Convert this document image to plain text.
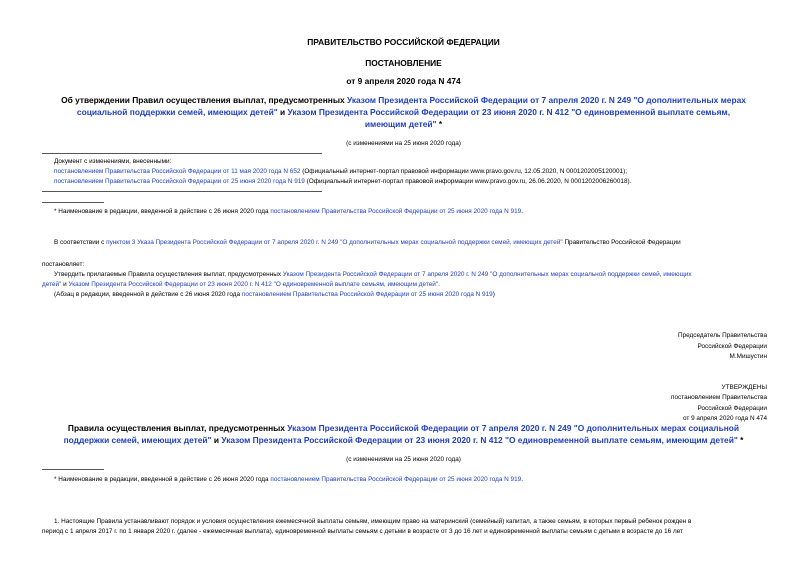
ПРАВИТЕЛЬСТВО РОССИЙСКОЙ ФЕДЕРАЦИИ
ПОСТАНОВЛЕНИЕ
от 9 апреля 2020 года N 474
Об утверждении Правил осуществления выплат, предусмотренных Указом Президента Российской Федерации от 7 апреля 2020 г. N 249 "О дополнительных мерах
социальной поддержки семей, имеющих детей" и Указом Президента Российской Федерации от 23 июня 2020 г. N 412 "О единовременной выплате семьям,
имеющим детей" *
(с изменениями на 25 июня 2020 года)
Документ с изменениями, внесенными:
постановлением Правительства Российской Федерации от 11 мая 2020 года N 652 (Официальный интернет-портал правовой информации www.pravo.gov.ru, 12.05.2020, N 0001202005120001);
постановлением Правительства Российской Федерации от 25 июня 2020 года N 919 (Официальный интернет-портал правовой информации www.pravo.gov.ru, 26.06.2020, N 0001202006260018).
* Наименование в редакции, введенной в действие с 26 июня 2020 года постановлением Правительства Российской Федерации от 25 июня 2020 года N 919.
В соответствии с пунктом 3 Указа Президента Российской Федерации от 7 апреля 2020 г. N 249 "О дополнительных мерах социальной поддержки семей, имеющих детей" Правительство Российской Федерации
постановляет:
Утвердить прилагаемые Правила осуществления выплат, предусмотренных Указом Президента Российской Федерации от 7 апреля 2020 г. N 249 "О дополнительных мерах социальной поддержки семей, имеющих
детей" и Указом Президента Российской Федерации от 23 июня 2020 г. N 412 "О единовременной выплате семьям, имеющим детей".
(Абзац в редакции, введенной в действие с 26 июня 2020 года постановлением Правительства Российской Федерации от 25 июня 2020 года N 919)
Председатель Правительства
Российской Федерации
М.Мишустин
УТВЕРЖДЕНЫ
постановлением Правительства
Российской Федерации
от 9 апреля 2020 года N 474
Правила осуществления выплат, предусмотренных Указом Президента Российской Федерации от 7 апреля 2020 г. N 249 "О дополнительных мерах социальной
поддержки семей, имеющих детей" и Указом Президента Российской Федерации от 23 июня 2020 г. N 412 "О единовременной выплате семьям, имеющим детей" *
(с изменениями на 25 июня 2020 года)
* Наименование в редакции, введенной в действие с 26 июня 2020 года постановлением Правительства Российской Федерации от 25 июня 2020 года N 919.
1. Настоящие Правила устанавливают порядок и условия осуществления ежемесячной выплаты семьям, имеющим право на материнский (семейный) капитал, а также семьям, в которых первый ребенок рожден в
период с 1 апреля 2017 г. по 1 января 2020 г. (далее - ежемесячная выплата), единовременной выплаты семьям с детьми в возрасте от 3 до 16 лет и единовременной выплаты семьям с детьми в возрасте до 16 лет
